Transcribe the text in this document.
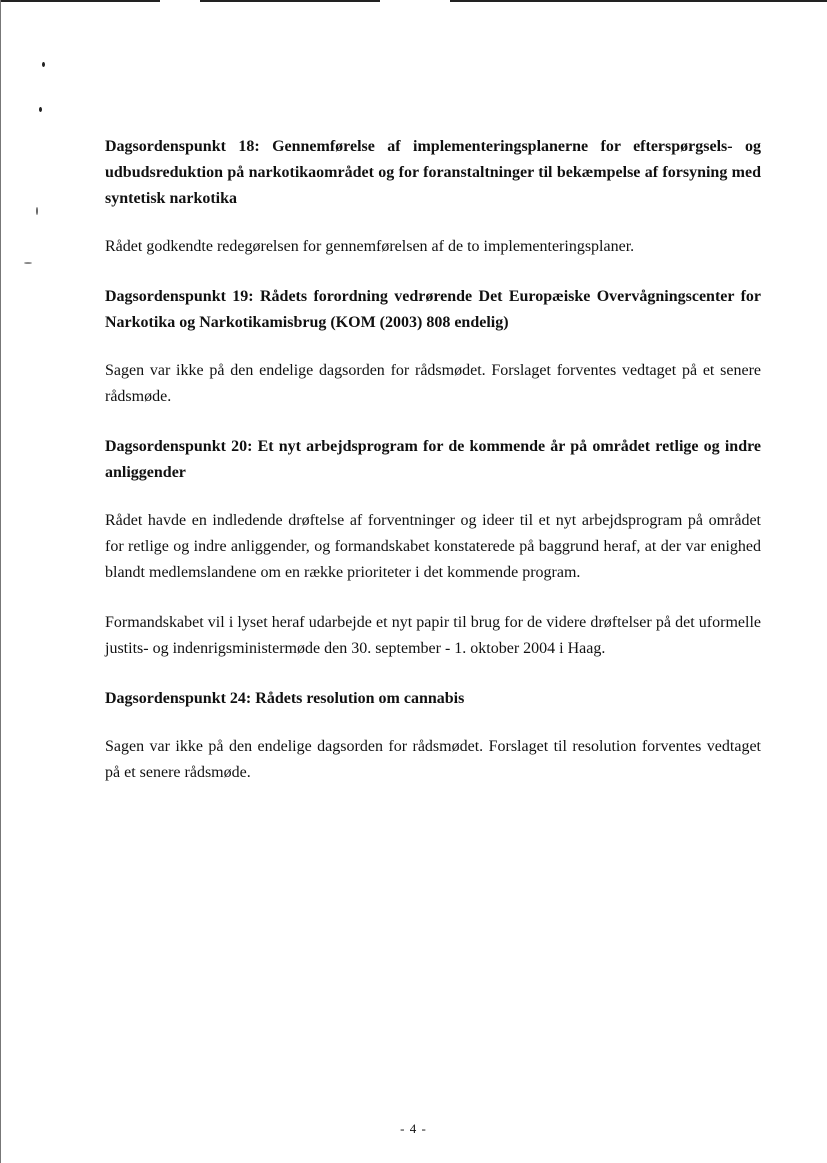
Dagsordenspunkt 18: Gennemførelse af implementeringsplanerne for efterspørgsels- og udbudsreduktion på narkotikaområdet og for foranstaltninger til bekæmpelse af forsyning med syntetisk narkotika

Rådet godkendte redegørelsen for gennemførelsen af de to implementeringsplaner.

Dagsordenspunkt 19: Rådets forordning vedrørende Det Europæiske Overvågningscenter for Narkotika og Narkotikamisbrug (KOM (2003) 808 endelig)

Sagen var ikke på den endelige dagsorden for rådsmødet. Forslaget forventes vedtaget på et senere rådsmøde.

Dagsordenspunkt 20: Et nyt arbejdsprogram for de kommende år på området retlige og indre anliggender

Rådet havde en indledende drøftelse af forventninger og ideer til et nyt arbejdsprogram på området for retlige og indre anliggender, og formandskabet konstaterede på baggrund heraf, at der var enighed blandt medlemslandene om en række prioriteter i det kommende program.

Formandskabet vil i lyset heraf udarbejde et nyt papir til brug for de videre drøftelser på det uformelle justits- og indenrigsministermøde den 30. september - 1. oktober 2004 i Haag.

Dagsordenspunkt 24: Rådets resolution om cannabis

Sagen var ikke på den endelige dagsorden for rådsmødet. Forslaget til resolution forventes vedtaget på et senere rådsmøde.

- 4 -
